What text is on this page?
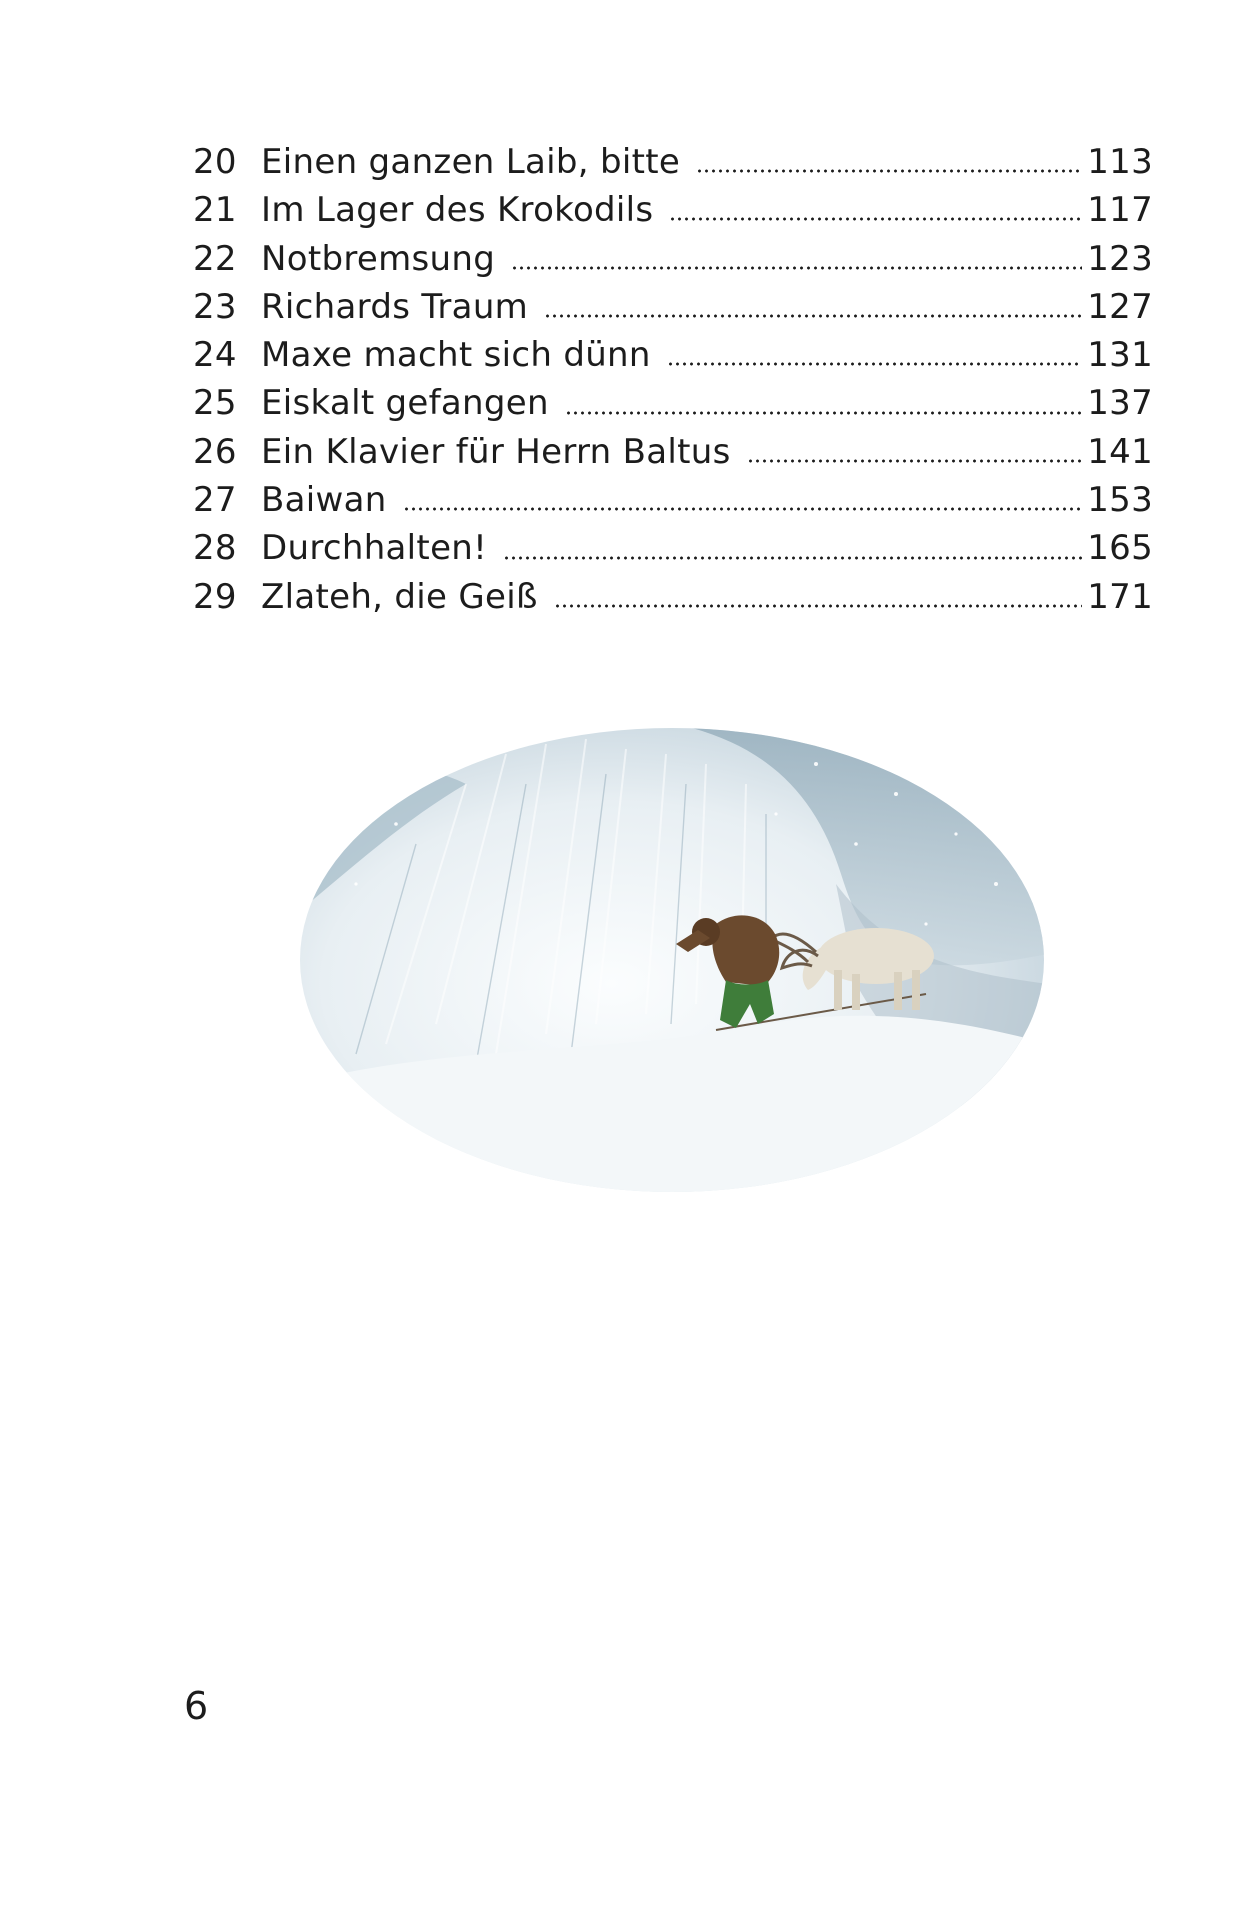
20 Einen ganzen Laib, bitte	113
21 Im Lager des Krokodils	117
22 Notbremsung	123
23 Richards Traum	127
24 Maxe macht sich dünn	131
25 Eiskalt gefangen	137
26 Ein Klavier für Herrn Baltus	141
27 Baiwan	153
28 Durchhalten!	165
29 Zlateh, die Geiß	171
6
